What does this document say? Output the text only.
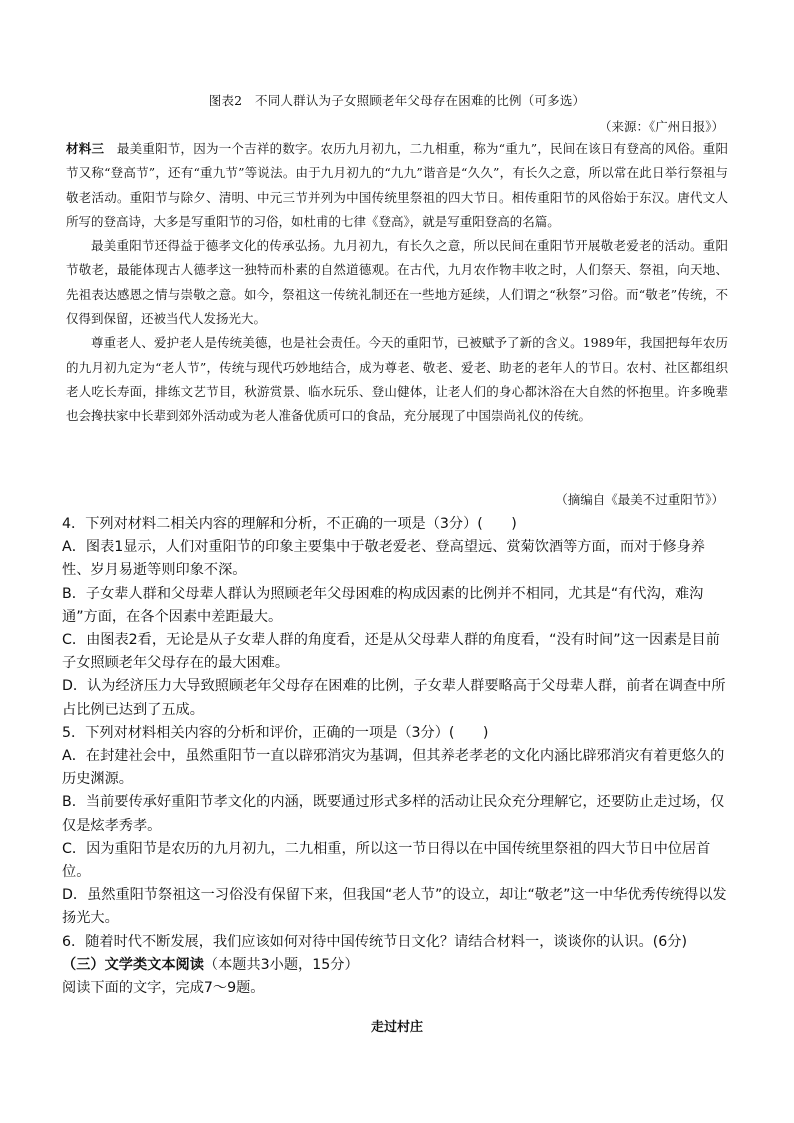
图表2　不同人群认为子女照顾老年父母存在困难的比例（可多选）
（来源：《广州日报》）

材料三　最美重阳节，因为一个吉祥的数字。农历九月初九，二九相重，称为“重九”，民间在该日有登高的风俗。重阳节又称“登高节”，还有“重九节”等说法。由于九月初九的“九九”谐音是“久久”，有长久之意，所以常在此日举行祭祖与敬老活动。重阳节与除夕、清明、中元三节并列为中国传统里祭祖的四大节日。相传重阳节的风俗始于东汉。唐代文人所写的登高诗，大多是写重阳节的习俗，如杜甫的七律《登高》，就是写重阳登高的名篇。

最美重阳节还得益于德孝文化的传承弘扬。九月初九，有长久之意，所以民间在重阳节开展敬老爱老的活动。重阳节敬老，最能体现古人德孝这一独特而朴素的自然道德观。在古代，九月农作物丰收之时，人们祭天、祭祖，向天地、先祖表达感恩之情与崇敬之意。如今，祭祖这一传统礼制还在一些地方延续，人们谓之“秋祭”习俗。而“敬老”传统，不仅得到保留，还被当代人发扬光大。

尊重老人、爱护老人是传统美德，也是社会责任。今天的重阳节，已被赋予了新的含义。1989年，我国把每年农历的九月初九定为“老人节”，传统与现代巧妙地结合，成为尊老、敬老、爱老、助老的老年人的节日。农村、社区都组织老人吃长寿面，排练文艺节目，秋游赏景、临水玩乐、登山健体，让老人们的身心都沐浴在大自然的怀抱里。许多晚辈也会搀扶家中长辈到郊外活动或为老人准备优质可口的食品，充分展现了中国崇尚礼仪的传统。

（摘编自《最美不过重阳节》）

4．下列对材料二相关内容的理解和分析，不正确的一项是（3分）(　　)

A．图表1显示，人们对重阳节的印象主要集中于敬老爱老、登高望远、赏菊饮酒等方面，而对于修身养性、岁月易逝等则印象不深。

B．子女辈人群和父母辈人群认为照顾老年父母困难的构成因素的比例并不相同，尤其是“有代沟，难沟通”方面，在各个因素中差距最大。

C．由图表2看，无论是从子女辈人群的角度看，还是从父母辈人群的角度看，“没有时间”这一因素是目前子女照顾老年父母存在的最大困难。

D．认为经济压力大导致照顾老年父母存在困难的比例，子女辈人群要略高于父母辈人群，前者在调查中所占比例已达到了五成。

5．下列对材料相关内容的分析和评价，正确的一项是（3分）(　　)

A．在封建社会中，虽然重阳节一直以辟邪消灾为基调，但其养老孝老的文化内涵比辟邪消灾有着更悠久的历史渊源。

B．当前要传承好重阳节孝文化的内涵，既要通过形式多样的活动让民众充分理解它，还要防止走过场，仅仅是炫孝秀孝。

C．因为重阳节是农历的九月初九，二九相重，所以这一节日得以在中国传统里祭祖的四大节日中位居首位。

D．虽然重阳节祭祖这一习俗没有保留下来，但我国“老人节”的设立，却让“敬老”这一中华优秀传统得以发扬光大。

6．随着时代不断发展，我们应该如何对待中国传统节日文化？请结合材料一，谈谈你的认识。(6分)

（三）文学类文本阅读（本题共3小题，15分）

阅读下面的文字，完成7～9题。

走过村庄
